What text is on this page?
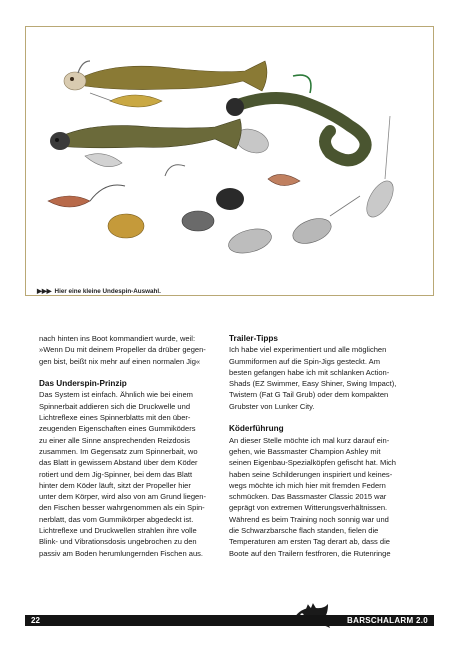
▶▶▶ Hier eine kleine Undespin-Auswahl.

nach hinten ins Boot kommandiert wurde, weil:

»Wenn Du mit deinem Propeller da drüber gegen-

gen bist, beißt nix mehr auf einen normalen Jig«

Das Underspin-Prinzip

Das System ist einfach. Ähnlich wie bei einem

Spinnerbait addieren sich die Druckwelle und

Lichtreflexe eines Spinnerblatts mit den über-

zeugenden Eigenschaften eines Gummiköders

zu einer alle Sinne ansprechenden Reizdosis

zusammen. Im Gegensatz zum Spinnerbait, wo

das Blatt in gewissem Abstand über dem Köder

rotiert und dem Jig-Spinner, bei dem das Blatt

hinter dem Köder läuft, sitzt der Propeller hier

unter dem Körper, wird also von am Grund liegen-

den Fischen besser wahrgenommen als ein Spin-

nerblatt, das vom Gummikörper abgedeckt ist.

Lichtreflexe und Druckwellen strahlen ihre volle

Blink- und Vibrationsdosis ungebrochen zu den

passiv am Boden herumlungernden Fischen aus.

Trailer-Tipps

Ich habe viel experimentiert und alle möglichen

Gummiformen auf die Spin-Jigs gesteckt. Am

besten gefangen habe ich mit schlanken Action-

Shads (EZ Swimmer, Easy Shiner, Swing Impact),

Twistern (Fat G Tail Grub) oder dem kompakten

Grubster von Lunker City.

Köderführung

An dieser Stelle möchte ich mal kurz darauf ein-

gehen, wie Bassmaster Champion Ashley mit

seinen Eigenbau-Spezialköpfen gefischt hat. Mich

haben seine Schilderungen inspiriert und keines-

wegs möchte ich mich hier mit fremden Federn

schmücken. Das Bassmaster Classic 2015 war

geprägt von extremen Witterungsverhältnissen.

Während es beim Training noch sonnig war und

die Schwarzbarsche flach standen, fielen die

Temperaturen am ersten Tag derart ab, dass die

Boote auf den Trailern festfroren, die Rutenringe

22	BARSCHALARM 2.0
